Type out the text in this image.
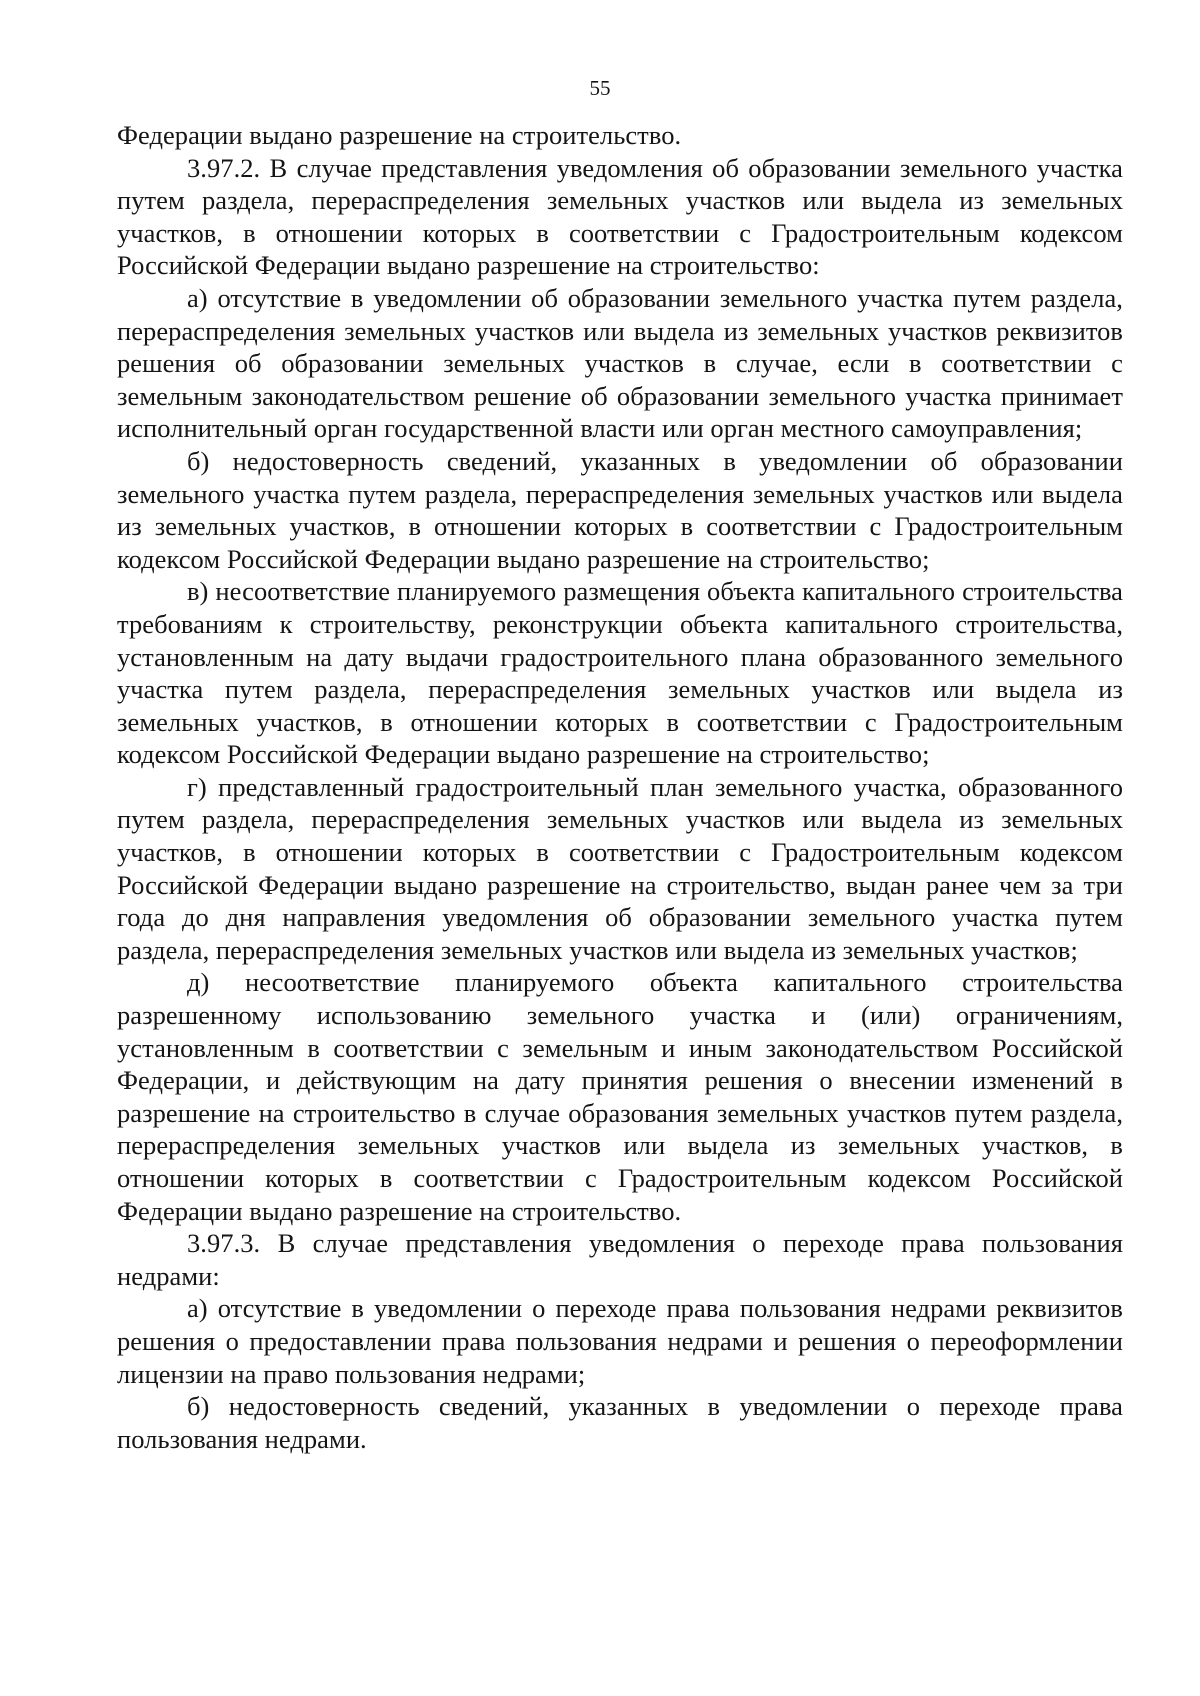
55

Федерации выдано разрешение на строительство.

3.97.2. В случае представления уведомления об образовании земельного участка путем раздела, перераспределения земельных участков или выдела из земельных участков, в отношении которых в соответствии с Градостроительным кодексом Российской Федерации выдано разрешение на строительство:

а) отсутствие в уведомлении об образовании земельного участка путем раздела, перераспределения земельных участков или выдела из земельных участков реквизитов решения об образовании земельных участков в случае, если в соответствии с земельным законодательством решение об образовании земельного участка принимает исполнительный орган государственной власти или орган местного самоуправления;

б) недостоверность сведений, указанных в уведомлении об образовании земельного участка путем раздела, перераспределения земельных участков или выдела из земельных участков, в отношении которых в соответствии с Градостроительным кодексом Российской Федерации выдано разрешение на строительство;

в) несоответствие планируемого размещения объекта капитального строительства требованиям к строительству, реконструкции объекта капитального строительства, установленным на дату выдачи градостроительного плана образованного земельного участка путем раздела, перераспределения земельных участков или выдела из земельных участков, в отношении которых в соответствии с Градостроительным кодексом Российской Федерации выдано разрешение на строительство;

г) представленный градостроительный план земельного участка, образованного путем раздела, перераспределения земельных участков или выдела из земельных участков, в отношении которых в соответствии с Градостроительным кодексом Российской Федерации выдано разрешение на строительство, выдан ранее чем за три года до дня направления уведомления об образовании земельного участка путем раздела, перераспределения земельных участков или выдела из земельных участков;

д) несоответствие планируемого объекта капитального строительства разрешенному использованию земельного участка и (или) ограничениям, установленным в соответствии с земельным и иным законодательством Российской Федерации, и действующим на дату принятия решения о внесении изменений в разрешение на строительство в случае образования земельных участков путем раздела, перераспределения земельных участков или выдела из земельных участков, в отношении которых в соответствии с Градостроительным кодексом Российской Федерации выдано разрешение на строительство.

3.97.3. В случае представления уведомления о переходе права пользования недрами:

а) отсутствие в уведомлении о переходе права пользования недрами реквизитов решения о предоставлении права пользования недрами и решения о переоформлении лицензии на право пользования недрами;

б) недостоверность сведений, указанных в уведомлении о переходе права пользования недрами.
